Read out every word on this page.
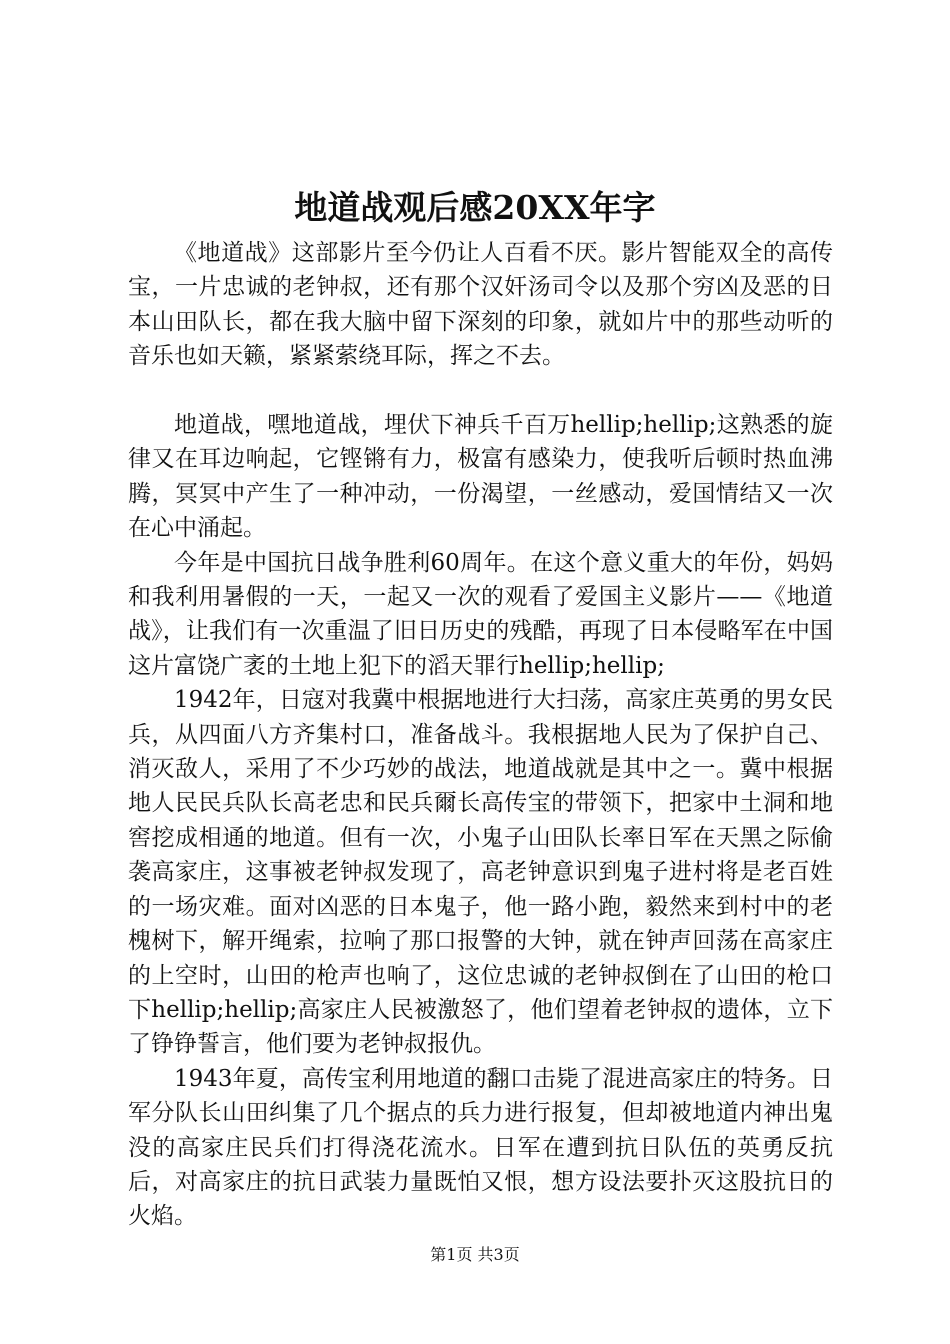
地道战观后感20XX年字

《地道战》这部影片至今仍让人百看不厌。影片智能双全的高传宝，一片忠诚的老钟叔，还有那个汉奸汤司令以及那个穷凶及恶的日本山田队长，都在我大脑中留下深刻的印象，就如片中的那些动听的音乐也如天籁，紧紧萦绕耳际，挥之不去。

地道战，嘿地道战，埋伏下神兵千百万hellip;hellip;这熟悉的旋律又在耳边响起，它铿锵有力，极富有感染力，使我听后顿时热血沸腾，冥冥中产生了一种冲动，一份渴望，一丝感动，爱国情结又一次在心中涌起。

今年是中国抗日战争胜利60周年。在这个意义重大的年份，妈妈和我利用暑假的一天，一起又一次的观看了爱国主义影片——《地道战》，让我们有一次重温了旧日历史的残酷，再现了日本侵略军在中国这片富饶广袤的土地上犯下的滔天罪行hellip;hellip;

1942年，日寇对我冀中根据地进行大扫荡，高家庄英勇的男女民兵，从四面八方齐集村口，准备战斗。我根据地人民为了保护自己、消灭敌人，采用了不少巧妙的战法，地道战就是其中之一。冀中根据地人民民兵队长高老忠和民兵爾长高传宝的带领下，把家中土洞和地窖挖成相通的地道。但有一次，小鬼子山田队长率日军在天黑之际偷袭高家庄，这事被老钟叔发现了，高老钟意识到鬼子进村将是老百姓的一场灾难。面对凶恶的日本鬼子，他一路小跑，毅然来到村中的老槐树下，解开绳索，拉响了那口报警的大钟，就在钟声回荡在高家庄的上空时，山田的枪声也响了，这位忠诚的老钟叔倒在了山田的枪口下hellip;hellip;高家庄人民被激怒了，他们望着老钟叔的遗体，立下了铮铮誓言，他们要为老钟叔报仇。

1943年夏，高传宝利用地道的翻口击毙了混进高家庄的特务。日军分队长山田纠集了几个据点的兵力进行报复，但却被地道内神出鬼没的高家庄民兵们打得浇花流水。日军在遭到抗日队伍的英勇反抗后，对高家庄的抗日武装力量既怕又恨，想方设法要扑灭这股抗日的火焰。

第1页 共3页
